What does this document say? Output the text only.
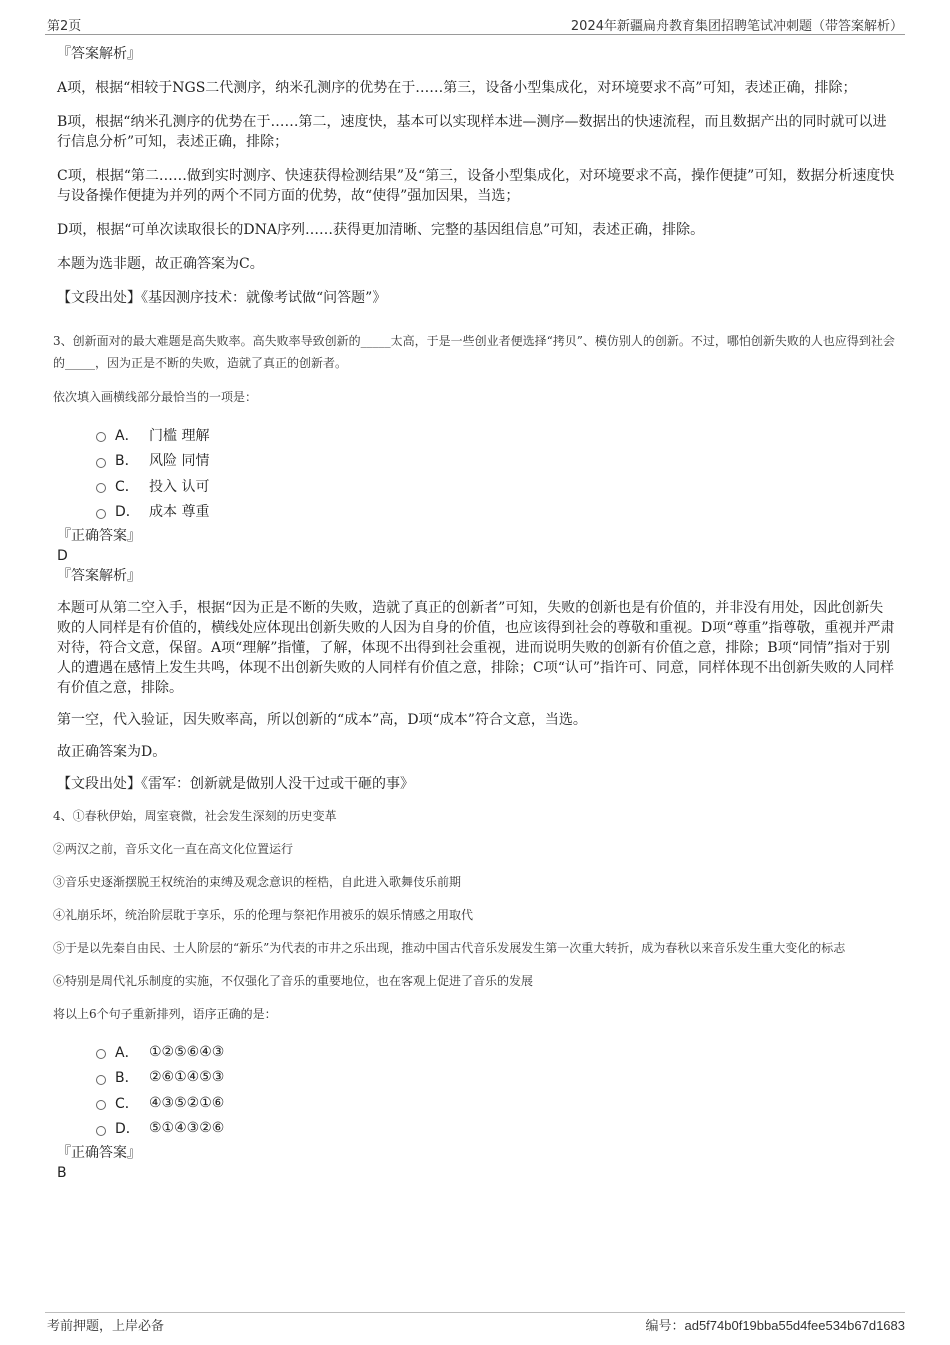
第2页	2024年新疆扁舟教育集团招聘笔试冲刺题（带答案解析）

『答案解析』

A项，根据“相较于NGS二代测序，纳米孔测序的优势在于……第三，设备小型集成化，对环境要求不高”可知，表述正确，排除；

B项，根据“纳米孔测序的优势在于……第二，速度快，基本可以实现样本进—测序—数据出的快速流程，而且数据产出的同时就可以进行信息分析”可知，表述正确，排除；

C项，根据“第二……做到实时测序、快速获得检测结果”及“第三，设备小型集成化，对环境要求不高，操作便捷”可知，数据分析速度快与设备操作便捷为并列的两个不同方面的优势，故“使得”强加因果，当选；

D项，根据“可单次读取很长的DNA序列……获得更加清晰、完整的基因组信息”可知，表述正确，排除。

本题为选非题，故正确答案为C。

【文段出处】《基因测序技术：就像考试做“问答题”》

3、创新面对的最大难题是高失败率。高失败率导致创新的_____太高，于是一些创业者便选择“拷贝”、模仿别人的创新。不过，哪怕创新失败的人也应得到社会的_____，因为正是不断的失败，造就了真正的创新者。

依次填入画横线部分最恰当的一项是：

A． 门槛 理解
B． 风险 同情
C． 投入 认可
D． 成本 尊重

『正确答案』

D

『答案解析』

本题可从第二空入手，根据“因为正是不断的失败，造就了真正的创新者”可知，失败的创新也是有价值的，并非没有用处，因此创新失败的人同样是有价值的，横线处应体现出创新失败的人因为自身的价值，也应该得到社会的尊敬和重视。D项“尊重”指尊敬，重视并严肃对待，符合文意，保留。A项“理解”指懂，了解，体现不出得到社会重视，进而说明失败的创新有价值之意，排除；B项“同情”指对于别人的遭遇在感情上发生共鸣，体现不出创新失败的人同样有价值之意，排除；C项“认可”指许可、同意，同样体现不出创新失败的人同样有价值之意，排除。

第一空，代入验证，因失败率高，所以创新的“成本”高，D项“成本”符合文意，当选。

故正确答案为D。

【文段出处】《雷军：创新就是做别人没干过或干砸的事》

4、①春秋伊始，周室衰微，社会发生深刻的历史变革

②两汉之前，音乐文化一直在高文化位置运行

③音乐史逐渐摆脱王权统治的束缚及观念意识的桎梏，自此进入歌舞伎乐前期

④礼崩乐坏，统治阶层耽于享乐，乐的伦理与祭祀作用被乐的娱乐情感之用取代

⑤于是以先秦自由民、士人阶层的“新乐”为代表的市井之乐出现，推动中国古代音乐发展发生第一次重大转折，成为春秋以来音乐发生重大变化的标志

⑥特别是周代礼乐制度的实施，不仅强化了音乐的重要地位，也在客观上促进了音乐的发展

将以上6个句子重新排列，语序正确的是：

A． ①②⑤⑥④③
B． ②⑥①④⑤③
C． ④③⑤②①⑥
D． ⑤①④③②⑥

『正确答案』

B

考前押题，上岸必备	编号：ad5f74b0f19bba55d4fee534b67d1683
